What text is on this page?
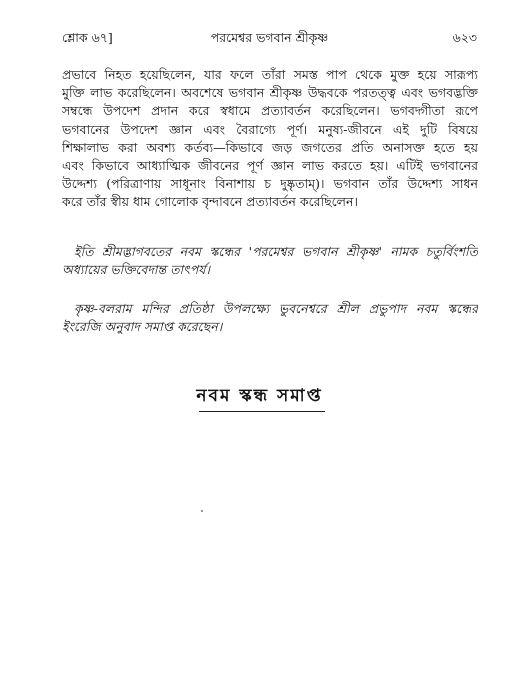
শ্লোক ৬৭]	পরমেশ্বর ভগবান শ্রীকৃষ্ণ	৬২৩
প্রভাবে নিহত হয়েছিলেন, যার ফলে তাঁরা সমস্ত পাপ থেকে মুক্ত হয়ে সারূপ্য
মুক্তি লাভ করেছিলেন। অবশেষে ভগবান শ্রীকৃষ্ণ উদ্ধবকে পরতত্ত্ব এবং ভগবদ্ভক্তি
সম্বন্ধে উপদেশ প্রদান করে স্বধামে প্রত্যাবর্তন করেছিলেন। ভগবদ্গীতা রূপে
ভগবানের উপদেশ জ্ঞান এবং বৈরাগ্যে পূর্ণ। মনুষ্য-জীবনে এই দুটি বিষয়ে
শিক্ষালাভ করা অবশ্য কর্তব্য—কিভাবে জড় জগতের প্রতি অনাসক্ত হতে হয়
এবং কিভাবে আধ্যাত্মিক জীবনের পূর্ণ জ্ঞান লাভ করতে হয়। এটিই ভগবানের
উদ্দেশ্য (পরিত্রাণায় সাধূনাং বিনাশায় চ দুষ্কৃতাম্)। ভগবান তাঁর উদ্দেশ্য সাধন
করে তাঁর স্বীয় ধাম গোলোক বৃন্দাবনে প্রত্যাবর্তন করেছিলেন।
ইতি শ্রীমদ্ভাগবতের নবম স্কন্ধের 'পরমেশ্বর ভগবান শ্রীকৃষ্ণ' নামক চতুর্বিংশতি
অধ্যায়ের ভক্তিবেদান্ত তাৎপর্য।
কৃষ্ণ-বলরাম মন্দির প্রতিষ্ঠা উপলক্ষ্যে ভুবনেশ্বরে শ্রীল প্রভুপাদ নবম স্কন্ধের
ইংরেজি অনুবাদ সমাপ্ত করেছেন।
নবম স্কন্ধ সমাপ্ত
